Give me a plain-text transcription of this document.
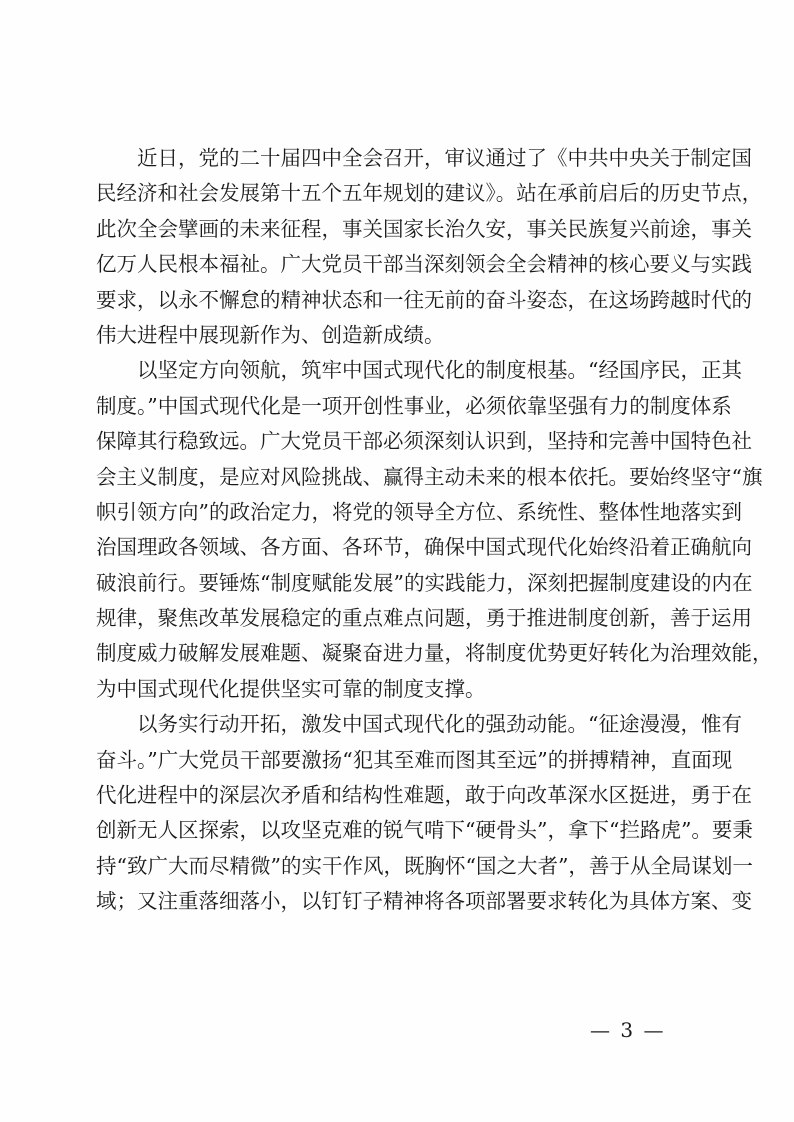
近日，党的二十届四中全会召开，审议通过了《中共中央关于制定国
民经济和社会发展第十五个五年规划的建议》。站在承前启后的历史节点，
此次全会擘画的未来征程，事关国家长治久安，事关民族复兴前途，事关
亿万人民根本福祉。广大党员干部当深刻领会全会精神的核心要义与实践
要求，以永不懈怠的精神状态和一往无前的奋斗姿态，在这场跨越时代的
伟大进程中展现新作为、创造新成绩。
以坚定方向领航，筑牢中国式现代化的制度根基。“经国序民，正其
制度。”中国式现代化是一项开创性事业，必须依靠坚强有力的制度体系
保障其行稳致远。广大党员干部必须深刻认识到，坚持和完善中国特色社
会主义制度，是应对风险挑战、赢得主动未来的根本依托。要始终坚守“旗
帜引领方向”的政治定力，将党的领导全方位、系统性、整体性地落实到
治国理政各领域、各方面、各环节，确保中国式现代化始终沿着正确航向
破浪前行。要锤炼“制度赋能发展”的实践能力，深刻把握制度建设的内在
规律，聚焦改革发展稳定的重点难点问题，勇于推进制度创新，善于运用
制度威力破解发展难题、凝聚奋进力量，将制度优势更好转化为治理效能，
为中国式现代化提供坚实可靠的制度支撑。
以务实行动开拓，激发中国式现代化的强劲动能。“征途漫漫，惟有
奋斗。”广大党员干部要激扬“犯其至难而图其至远”的拼搏精神，直面现
代化进程中的深层次矛盾和结构性难题，敢于向改革深水区挺进，勇于在
创新无人区探索，以攻坚克难的锐气啃下“硬骨头”，拿下“拦路虎”。要秉
持“致广大而尽精微”的实干作风，既胸怀“国之大者”，善于从全局谋划一
域；又注重落细落小，以钉钉子精神将各项部署要求转化为具体方案、变
— 3 —
